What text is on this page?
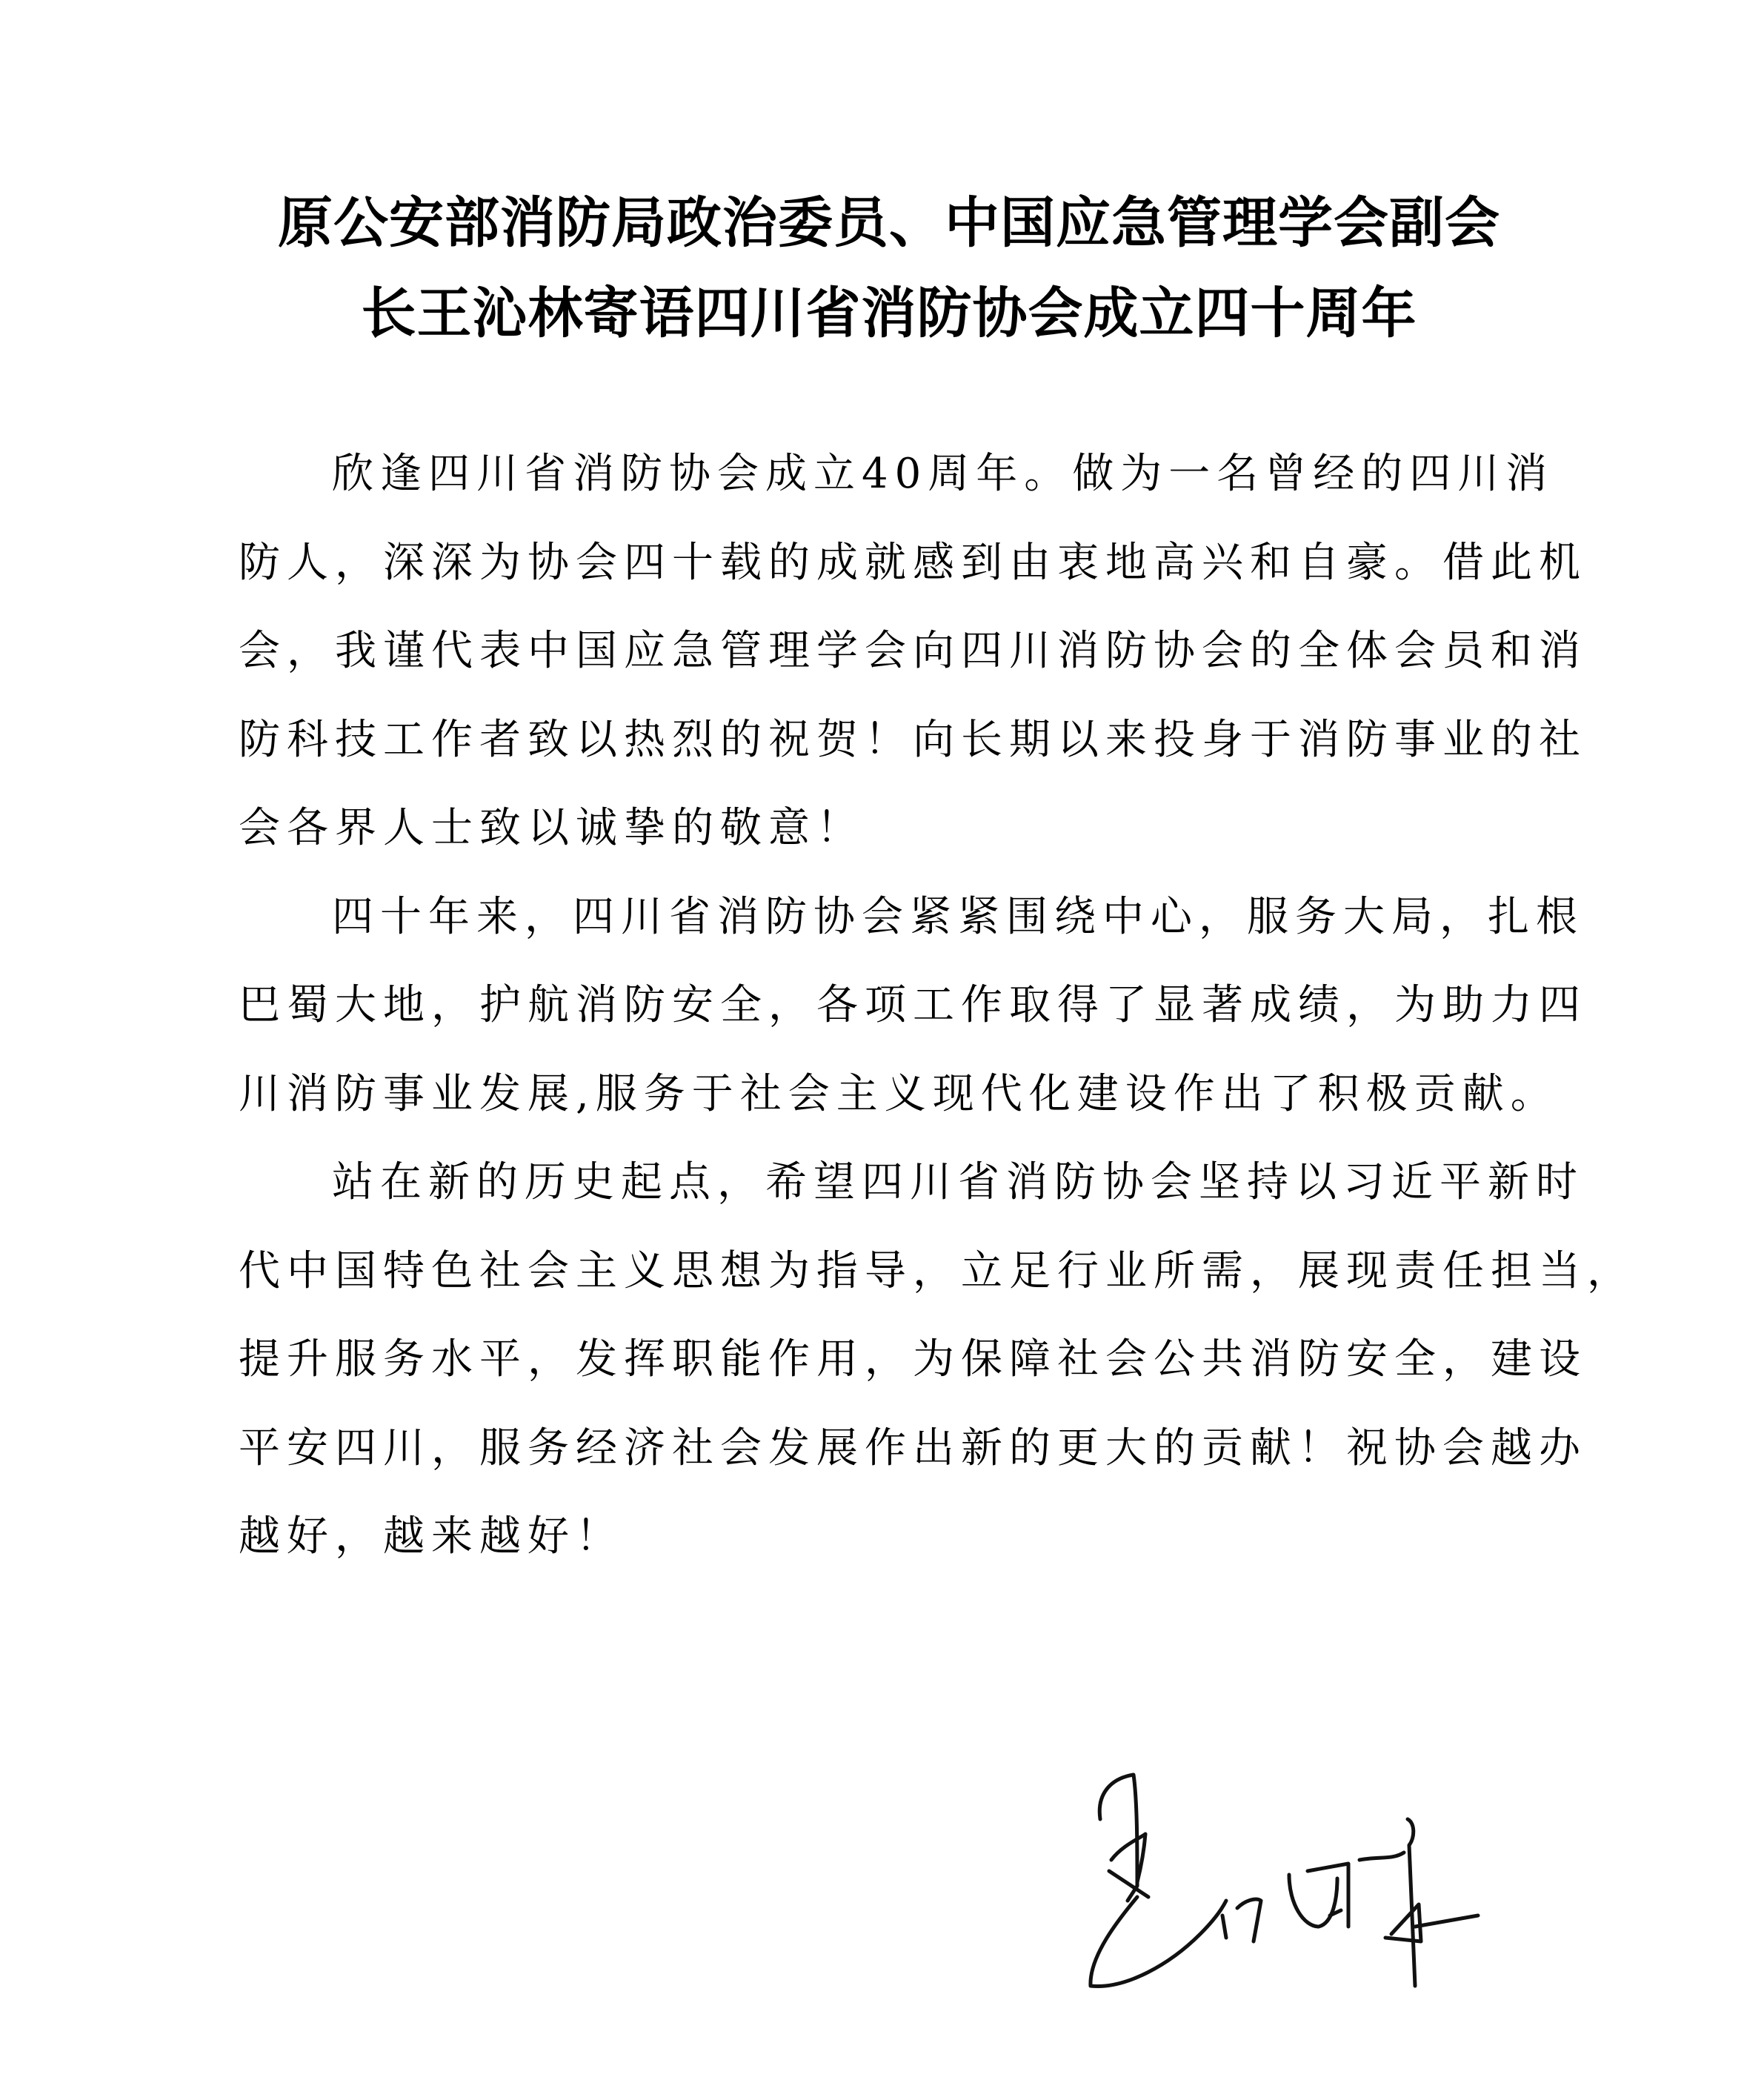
原公安部消防局政治委员、中国应急管理学会副会
长王沁林寄语四川省消防协会成立四十周年

欣逢四川省消防协会成立40周年。做为一名曾经的四川消
防人，深深为协会四十载的成就感到由衷地高兴和自豪。借此机
会，我谨代表中国应急管理学会向四川消防协会的全体会员和消
防科技工作者致以热烈的祝贺！向长期以来投身于消防事业的社
会各界人士致以诚挚的敬意！

四十年来，四川省消防协会紧紧围绕中心，服务大局，扎根
巴蜀大地，护航消防安全，各项工作取得了显著成绩，为助力四
川消防事业发展,服务于社会主义现代化建设作出了积极贡献。

站在新的历史起点，希望四川省消防协会坚持以习近平新时
代中国特色社会主义思想为指导，立足行业所需，展现责任担当，
提升服务水平，发挥职能作用，为保障社会公共消防安全，建设
平安四川，服务经济社会发展作出新的更大的贡献！祝协会越办
越好，越来越好！
